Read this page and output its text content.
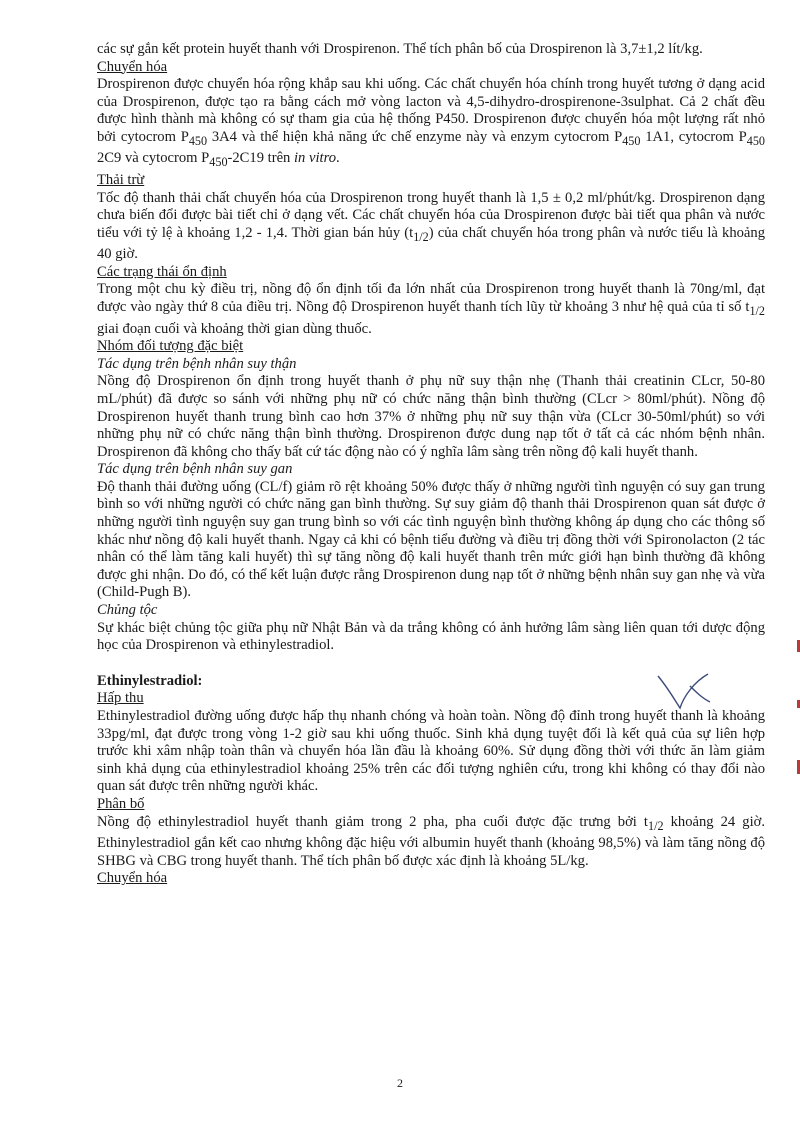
các sự gắn kết protein huyết thanh với Drospirenon. Thể tích phân bố của Drospirenon là 3,7±1,2 lít/kg.

Chuyển hóa

Drospirenon được chuyển hóa rộng khắp sau khi uống. Các chất chuyển hóa chính trong huyết tương ở dạng acid của Drospirenon, được tạo ra bằng cách mở vòng lacton và 4,5-dihydro-drospirenone-3sulphat. Cả 2 chất đều được hình thành mà không có sự tham gia của hệ thống P450. Drospirenon được chuyển hóa một lượng rất nhỏ bởi cytocrom $P_{450}$ 3A4 và thể hiện khả năng ức chế enzyme này và enzym cytocrom $P_{450}$ 1A1, cytocrom $P_{450}$ 2C9 và cytocrom $P_{450}-2C19$ trên in vitro.

Thải trừ

Tốc độ thanh thải chất chuyển hóa của Drospirenon trong huyết thanh là 1,5 ± 0,2 ml/phút/kg. Drospirenon dạng chưa biến đổi được bài tiết chỉ ở dạng vết. Các chất chuyển hóa của Drospirenon được bài tiết qua phân và nước tiểu với tỷ lệ à khoảng 1,2 - 1,4. Thời gian bán hủy $(t_{1/2})$ của chất chuyển hóa trong phân và nước tiểu là khoảng 40 giờ.

Các trạng thái ổn định

Trong một chu kỳ điều trị, nồng độ ổn định tối đa lớn nhất của Drospirenon trong huyết thanh là 70ng/ml, đạt được vào ngày thứ 8 của điều trị. Nồng độ Drospirenon huyết thanh tích lũy từ khoảng 3 như hệ quả của tỉ số $t_{1/2}$ giai đoạn cuối và khoảng thời gian dùng thuốc.

Nhóm đối tượng đặc biệt

Tác dụng trên bệnh nhân suy thận

Nồng độ Drospirenon ổn định trong huyết thanh ở phụ nữ suy thận nhẹ (Thanh thải creatinin CLcr, 50-80 mL/phút) đã được so sánh với những phụ nữ có chức năng thận bình thường (CLcr > 80ml/phút). Nồng độ Drospirenon huyết thanh trung bình cao hơn 37% ở những phụ nữ suy thận vừa (CLcr 30-50ml/phút) so với những phụ nữ có chức năng thận bình thường. Drospirenon được dung nạp tốt ở tất cả các nhóm bệnh nhân. Drospirenon đã không cho thấy bất cứ tác động nào có ý nghĩa lâm sàng trên nồng độ kali huyết thanh.

Tác dụng trên bệnh nhân suy gan

Độ thanh thải đường uống (CL/f) giảm rõ rệt khoảng 50% được thấy ở những người tình nguyện có suy gan trung bình so với những người có chức năng gan bình thường. Sự suy giảm độ thanh thải Drospirenon quan sát được ở những người tình nguyện suy gan trung bình so với các tình nguyện bình thường không áp dụng cho các thông số khác như nồng độ kali huyết thanh. Ngay cả khi có bệnh tiểu đường và điều trị đồng thời với Spironolacton (2 tác nhân có thể làm tăng kali huyết) thì sự tăng nồng độ kali huyết thanh trên mức giới hạn bình thường đã không được ghi nhận. Do đó, có thể kết luận được rằng Drospirenon dung nạp tốt ở những bệnh nhân suy gan nhẹ và vừa (Child-Pugh B).

Chủng tộc

Sự khác biệt chủng tộc giữa phụ nữ Nhật Bản và da trắng không có ảnh hưởng lâm sàng liên quan tới dược động học của Drospirenon và ethinylestradiol.

Ethinylestradiol:

Hấp thu

Ethinylestradiol đường uống được hấp thụ nhanh chóng và hoàn toàn. Nồng độ đỉnh trong huyết thanh là khoảng 33pg/ml, đạt được trong vòng 1-2 giờ sau khi uống thuốc. Sinh khả dụng tuyệt đối là kết quả của sự liên hợp trước khi xâm nhập toàn thân và chuyển hóa lần đầu là khoảng 60%. Sử dụng đồng thời với thức ăn làm giảm sinh khả dụng của ethinylestradiol khoảng 25% trên các đối tượng nghiên cứu, trong khi không có thay đổi nào quan sát được trên những người khác.

Phân bố

Nồng độ ethinylestradiol huyết thanh giảm trong 2 pha, pha cuối được đặc trưng bởi $t_{1/2}$ khoảng 24 giờ. Ethinylestradiol gắn kết cao nhưng không đặc hiệu với albumin huyết thanh (khoảng 98,5%) và làm tăng nồng độ SHBG và CBG trong huyết thanh. Thể tích phân bố được xác định là khoảng 5L/kg.

Chuyển hóa

2
